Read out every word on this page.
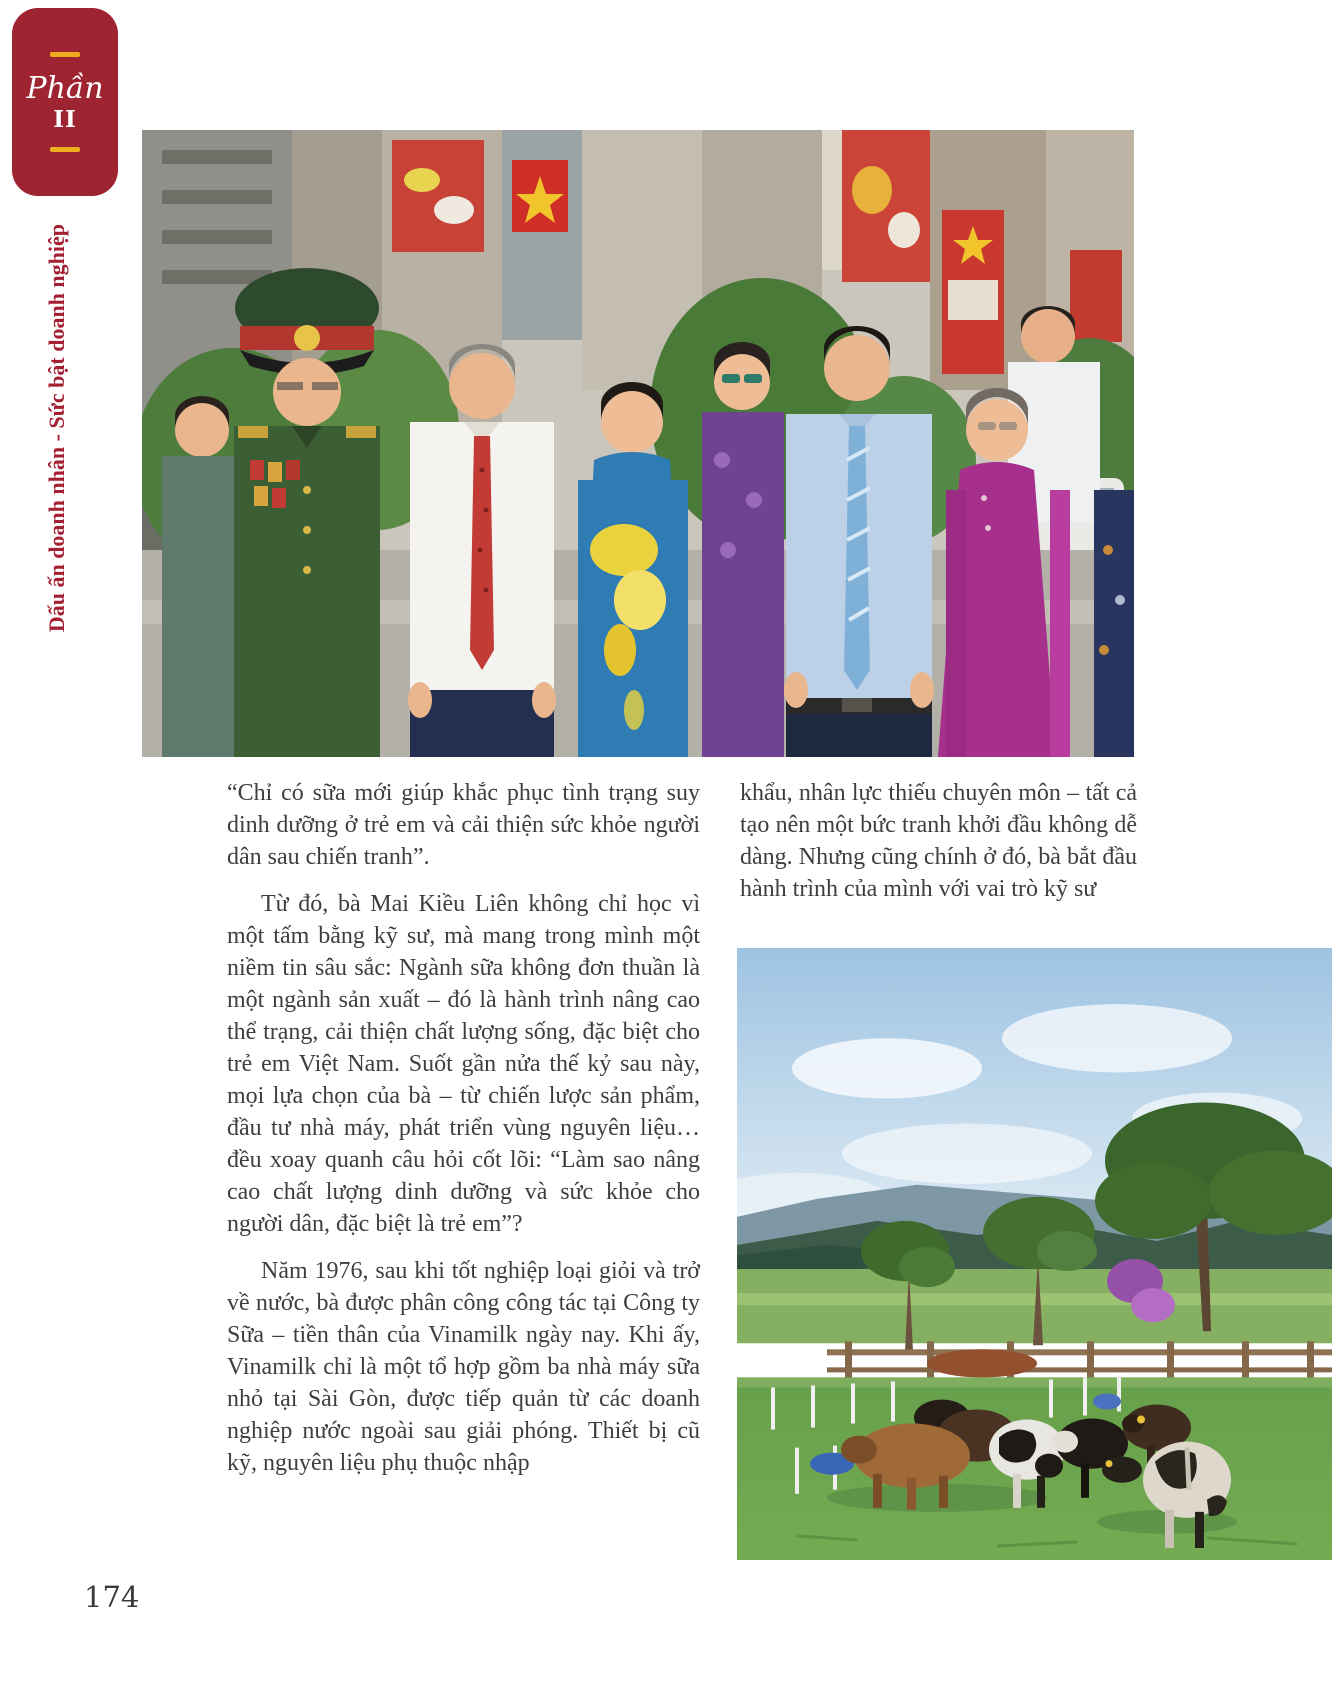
Phần
II
Dấu ấn doanh nhân - Sức bật doanh nghiệp

“Chỉ có sữa mới giúp khắc phục tình trạng suy dinh dưỡng ở trẻ em và cải thiện sức khỏe người dân sau chiến tranh”.

Từ đó, bà Mai Kiều Liên không chỉ học vì một tấm bằng kỹ sư, mà mang trong mình một niềm tin sâu sắc: Ngành sữa không đơn thuần là một ngành sản xuất – đó là hành trình nâng cao thể trạng, cải thiện chất lượng sống, đặc biệt cho trẻ em Việt Nam. Suốt gần nửa thế kỷ sau này, mọi lựa chọn của bà – từ chiến lược sản phẩm, đầu tư nhà máy, phát triển vùng nguyên liệu… đều xoay quanh câu hỏi cốt lõi: “Làm sao nâng cao chất lượng dinh dưỡng và sức khỏe cho người dân, đặc biệt là trẻ em”?

Năm 1976, sau khi tốt nghiệp loại giỏi và trở về nước, bà được phân công công tác tại Công ty Sữa – tiền thân của Vinamilk ngày nay. Khi ấy, Vinamilk chỉ là một tổ hợp gồm ba nhà máy sữa nhỏ tại Sài Gòn, được tiếp quản từ các doanh nghiệp nước ngoài sau giải phóng. Thiết bị cũ kỹ, nguyên liệu phụ thuộc nhập

khẩu, nhân lực thiếu chuyên môn – tất cả tạo nên một bức tranh khởi đầu không dễ dàng. Nhưng cũng chính ở đó, bà bắt đầu hành trình của mình với vai trò kỹ sư

174
